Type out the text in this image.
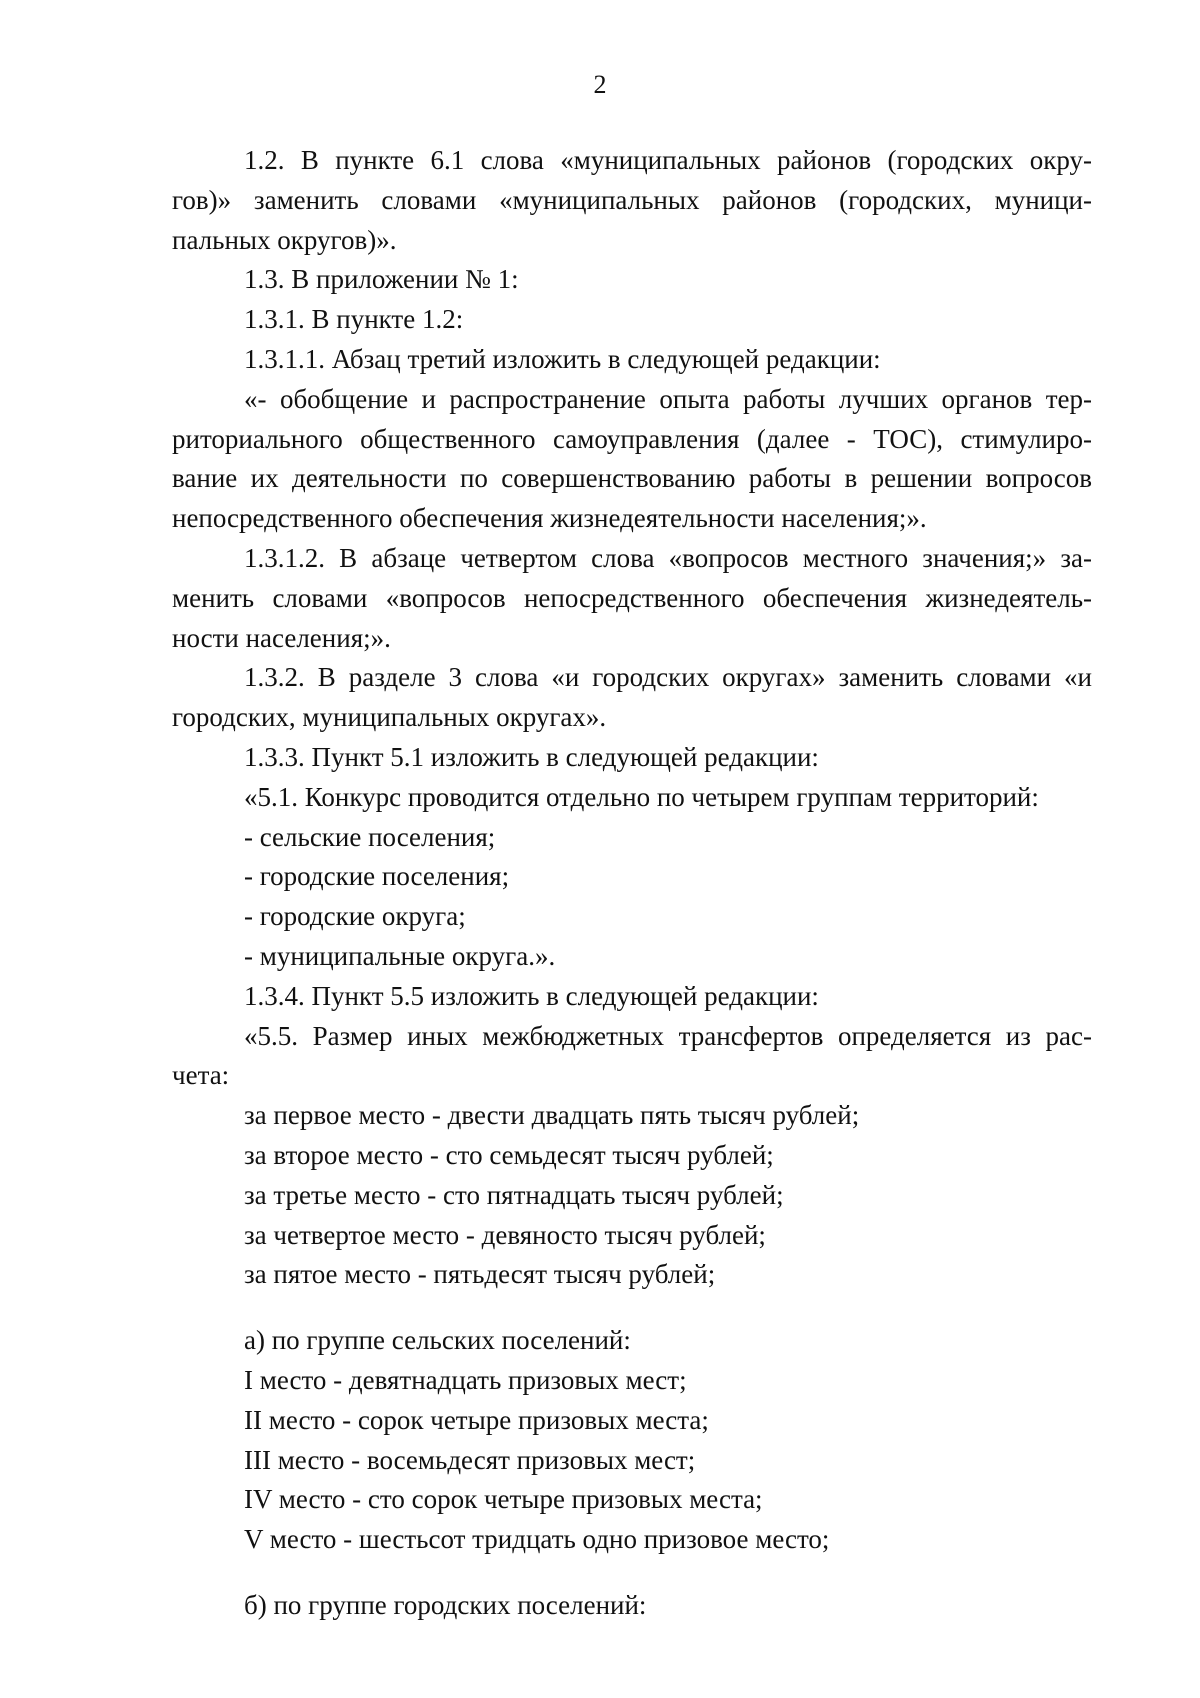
2
1.2. В пункте 6.1 слова «муниципальных районов (городских окру-
гов)» заменить словами «муниципальных районов (городских, муници-
пальных округов)».
1.3. В приложении № 1:
1.3.1. В пункте 1.2:
1.3.1.1. Абзац третий изложить в следующей редакции:
«- обобщение и распространение опыта работы лучших органов тер-
риториального общественного самоуправления (далее - ТОС), стимулиро-
вание их деятельности по совершенствованию работы в решении вопросов
непосредственного обеспечения жизнедеятельности населения;».
1.3.1.2. В абзаце четвертом слова «вопросов местного значения;» за-
менить словами «вопросов непосредственного обеспечения жизнедеятель-
ности населения;».
1.3.2. В разделе 3 слова «и городских округах» заменить словами «и
городских, муниципальных округах».
1.3.3. Пункт 5.1 изложить в следующей редакции:
«5.1. Конкурс проводится отдельно по четырем группам территорий:
- сельские поселения;
- городские поселения;
- городские округа;
- муниципальные округа.».
1.3.4. Пункт 5.5 изложить в следующей редакции:
«5.5. Размер иных межбюджетных трансфертов определяется из рас-
чета:
за первое место - двести двадцать пять тысяч рублей;
за второе место - сто семьдесят тысяч рублей;
за третье место - сто пятнадцать тысяч рублей;
за четвертое место - девяносто тысяч рублей;
за пятое место - пятьдесят тысяч рублей;
а) по группе сельских поселений:
I место - девятнадцать призовых мест;
II место - сорок четыре призовых места;
III место - восемьдесят призовых мест;
IV место - сто сорок четыре призовых места;
V место - шестьсот тридцать одно призовое место;
б) по группе городских поселений:
